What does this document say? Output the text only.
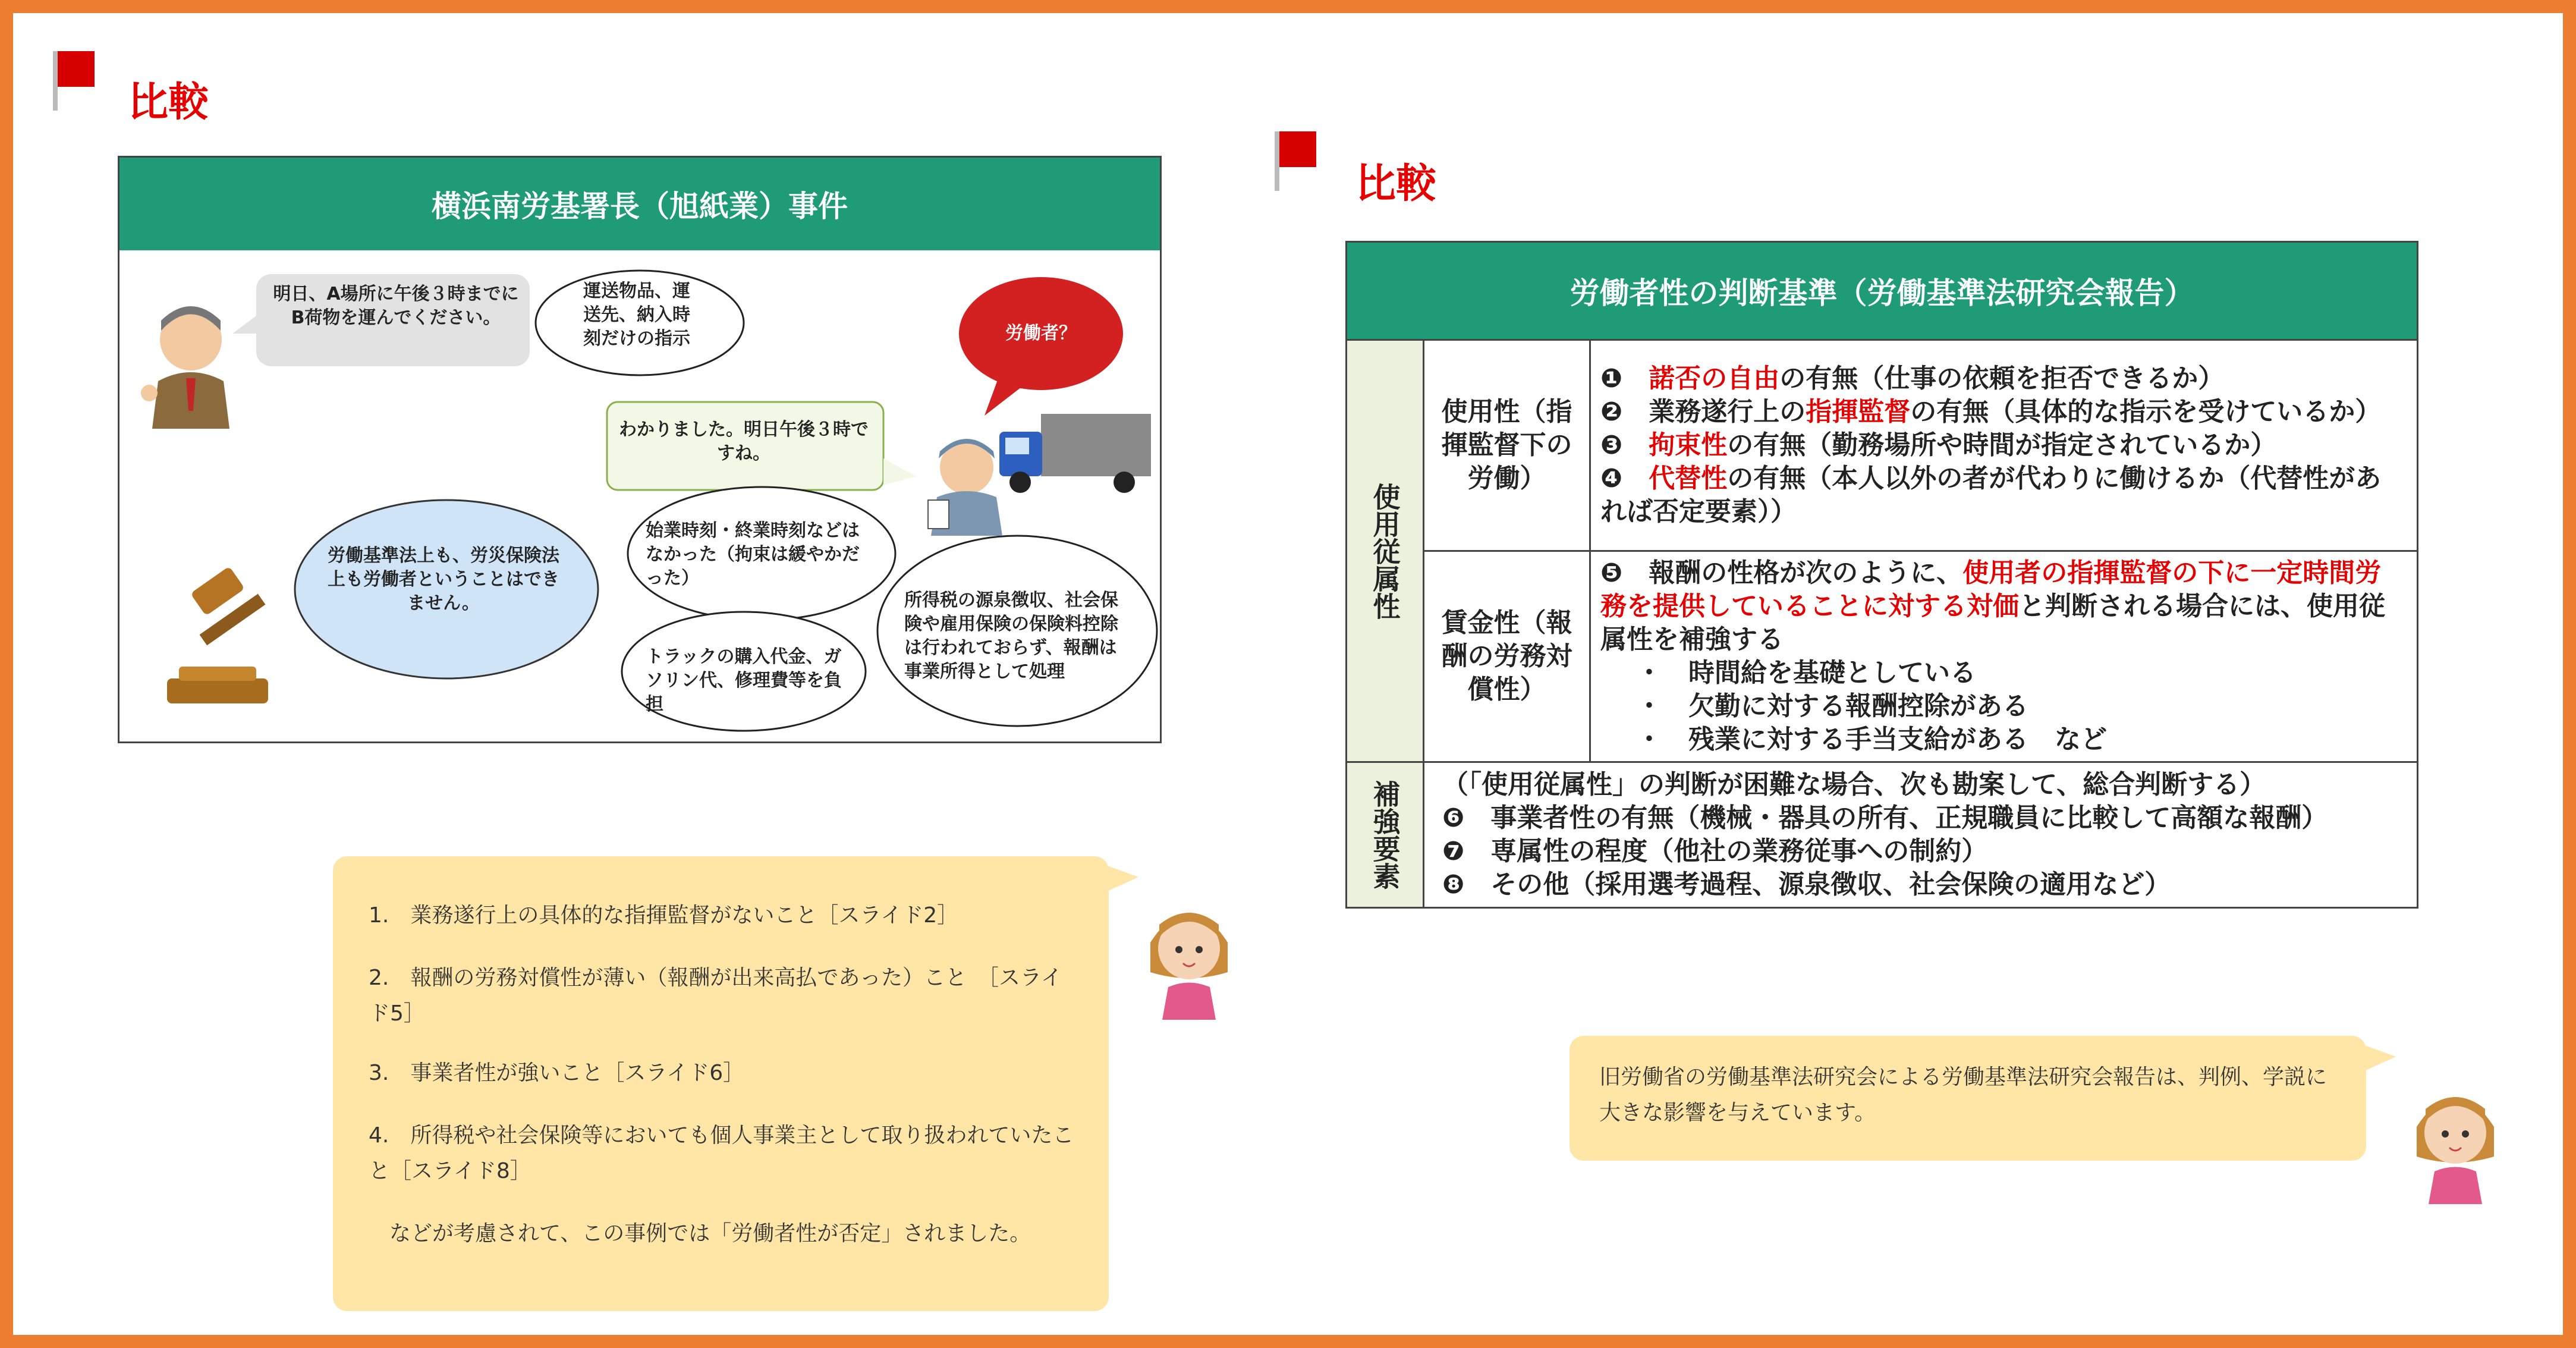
比較
横浜南労基署長（旭紙業）事件
明日、A場所に午後３時までにB荷物を運んでください。
運送物品、運送先、納入時刻だけの指示	労働者？
わかりました。明日午後３時ですね。
労働基準法上も、労災保険法上も労働者ということはできません。
始業時刻・終業時刻などはなかった（拘束は緩やかだった）
トラックの購入代金、ガソリン代、修理費等を負担
所得税の源泉徴収、社会保険や雇用保険の保険料控除は行われておらず、報酬は事業所得として処理
比較
労働者性の判断基準（労働基準法研究会報告）
使用従属性	使用性（指揮監督下の労働）	❶　 諾否の自由の有無（仕事の依頼を拒否できるか）
❷　 業務遂行上の指揮監督の有無（具体的な指示を受けているか）
❸　 拘束性の有無（勤務場所や時間が指定されているか）
❹　 代替性の有無（本人以外の者が代わりに働けるか（代替性があれば否定要素））

	賃金性（報酬の労務対償性）	❺　報酬の性格が次のように、使用者の指揮監督の下に一定時間労務を提供していることに対する対価と判断される場合には、使用従属性を補強する
・　時間給を基礎としている
・　欠勤に対する報酬控除がある
・　残業に対する手当支給がある　など

補強要素	（「使用従属性」の判断が困難な場合、次も勘案して、総合判断する）
❻　事業者性の有無（機械・器具の所有、正規職員に比較して高額な報酬）
❼　専属性の程度（他社の業務従事への制約）
❽　その他（採用選考過程、源泉徴収、社会保険の適用など）	
1.　業務遂行上の具体的な指揮監督がないこと［スライド2］
2.　報酬の労務対償性が薄い（報酬が出来高払であった）こと　［スライド5］
3.　事業者性が強いこと［スライド6］
4.　所得税や社会保険等においても個人事業主として取り扱われていたこと［スライド8］
などが考慮されて、この事例では「労働者性が否定」されました。
旧労働省の労働基準法研究会による労働基準法研究会報告は、判例、学説に大きな影響を与えています。
